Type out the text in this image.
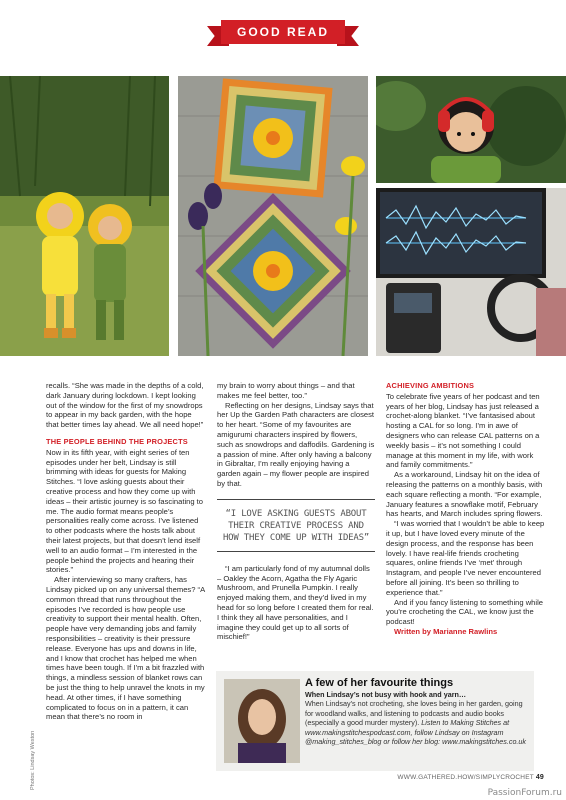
GOOD READ

recalls. “She was made in the depths of a cold, dark January during lockdown. I kept looking out of the window for the first of my snowdrops to appear in my back garden, with the hope that better times lay ahead. We all need hope!”

THE PEOPLE BEHIND THE PROJECTS

Now in its fifth year, with eight series of ten episodes under her belt, Lindsay is still brimming with ideas for guests for Making Stitches. “I love asking guests about their creative process and how they come up with ideas – their artistic journey is so fascinating to me. The audio format means people’s personalities really come across. I’ve listened to other podcasts where the hosts talk about their latest projects, but that doesn’t lend itself well to an audio format – I’m interested in the people behind the projects and hearing their stories.”

After interviewing so many crafters, has Lindsay picked up on any universal themes? “A common thread that runs throughout the episodes I’ve recorded is how people use creativity to support their mental health. Often, people have very demanding jobs and family responsibilities – creativity is their pressure release. Everyone has ups and downs in life, and I know that crochet has helped me when times have been tough. If I’m a bit frazzled with things, a mindless session of blanket rows can be just the thing to help unravel the knots in my head. At other times, if I have something complicated to focus on in a pattern, it can mean that there’s no room in

my brain to worry about things – and that makes me feel better, too.”

Reflecting on her designs, Lindsay says that her Up the Garden Path characters are closest to her heart. “Some of my favourites are amigurumi characters inspired by flowers, such as snowdrops and daffodils. Gardening is a passion of mine. After only having a balcony in Gibraltar, I’m really enjoying having a garden again – my flower people are inspired by that.

“I LOVE ASKING GUESTS ABOUT THEIR CREATIVE PROCESS AND HOW THEY COME UP WITH IDEAS”

“I am particularly fond of my autumnal dolls – Oakley the Acorn, Agatha the Fly Agaric Mushroom, and Prunella Pumpkin. I really enjoyed making them, and they’d lived in my head for so long before I created them for real. I think they all have personalities, and I imagine they could get up to all sorts of mischief!”

ACHIEVING AMBITIONS

To celebrate five years of her podcast and ten years of her blog, Lindsay has just released a crochet-along blanket. “I’ve fantasised about hosting a CAL for so long. I’m in awe of designers who can release CAL patterns on a weekly basis – it’s not something I could manage at this moment in my life, with work and family commitments.”

As a workaround, Lindsay hit on the idea of releasing the patterns on a monthly basis, with each square reflecting a month. “For example, January features a snowflake motif, February has hearts, and March includes spring flowers.

“I was worried that I wouldn’t be able to keep it up, but I have loved every minute of the design process, and the response has been lovely. I have real-life friends crocheting squares, online friends I’ve ‘met’ through Instagram, and people I’ve never encountered before all joining. It’s been so thrilling to experience that.”

And if you fancy listening to something while you’re crocheting the CAL, we know just the podcast!

Written by Marianne Rawlins

Photos: Lindsay Weston
A few of her favourite things
When Lindsay’s not busy with hook and yarn…
When Lindsay’s not crocheting, she loves being in her garden, going for woodland walks, and listening to podcasts and audio books (especially a good murder mystery). Listen to Making Stitches at www.makingstitchespodcast.com, follow Lindsay on Instagram @making_stitches_blog or follow her blog: www.makingstitches.co.uk
WWW.GATHERED.HOW/SIMPLYCROCHET 49
PassionForum.ru
